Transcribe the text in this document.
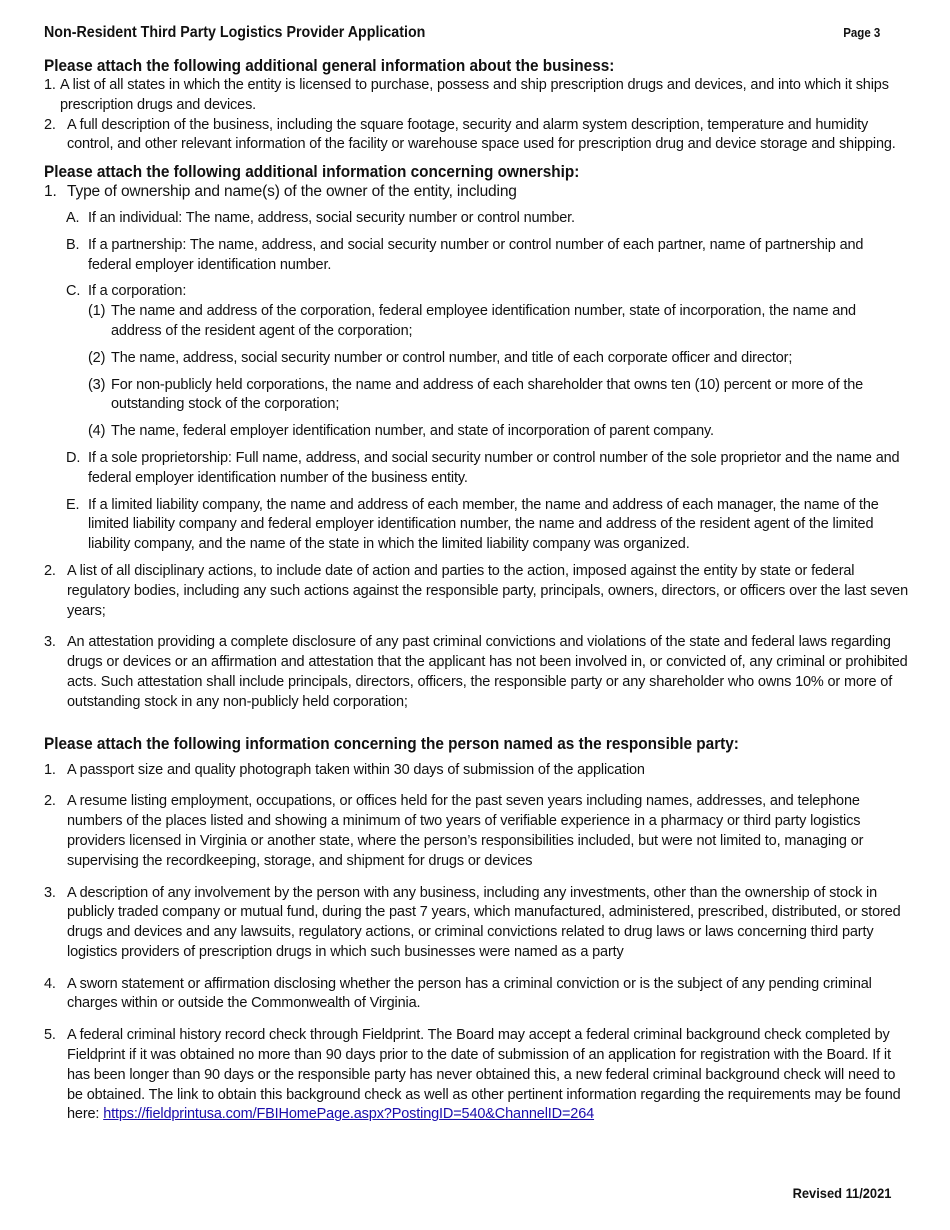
Non-Resident Third Party Logistics Provider Application	Page 3
Please attach the following additional general information about the business:
1. A list of all states in which the entity is licensed to purchase, possess and ship prescription drugs and devices, and into which it ships prescription drugs and devices.
2. A full description of the business, including the square footage, security and alarm system description, temperature and humidity control, and other relevant information of the facility or warehouse space used for prescription drug and device storage and shipping.
Please attach the following additional information concerning ownership:
1. Type of ownership and name(s) of the owner of the entity, including
A. If an individual: The name, address, social security number or control number.
B. If a partnership: The name, address, and social security number or control number of each partner, name of partnership and federal employer identification number.
C. If a corporation:
(1) The name and address of the corporation, federal employee identification number, state of incorporation, the name and address of the resident agent of the corporation;
(2) The name, address, social security number or control number, and title of each corporate officer and director;
(3) For non-publicly held corporations, the name and address of each shareholder that owns ten (10) percent or more of the outstanding stock of the corporation;
(4) The name, federal employer identification number, and state of incorporation of parent company.
D. If a sole proprietorship: Full name, address, and social security number or control number of the sole proprietor and the name and federal employer identification number of the business entity.
E. If a limited liability company, the name and address of each member, the name and address of each manager, the name of the limited liability company and federal employer identification number, the name and address of the resident agent of the limited liability company, and the name of the state in which the limited liability company was organized.
2. A list of all disciplinary actions, to include date of action and parties to the action, imposed against the entity by state or federal regulatory bodies, including any such actions against the responsible party, principals, owners, directors, or officers over the last seven years;
3. An attestation providing a complete disclosure of any past criminal convictions and violations of the state and federal laws regarding drugs or devices or an affirmation and attestation that the applicant has not been involved in, or convicted of, any criminal or prohibited acts. Such attestation shall include principals, directors, officers, the responsible party or any shareholder who owns 10% or more of outstanding stock in any non-publicly held corporation;
Please attach the following information concerning the person named as the responsible party:
1. A passport size and quality photograph taken within 30 days of submission of the application
2. A resume listing employment, occupations, or offices held for the past seven years including names, addresses, and telephone numbers of the places listed and showing a minimum of two years of verifiable experience in a pharmacy or third party logistics providers licensed in Virginia or another state, where the person’s responsibilities included, but were not limited to, managing or supervising the recordkeeping, storage, and shipment for drugs or devices
3. A description of any involvement by the person with any business, including any investments, other than the ownership of stock in publicly traded company or mutual fund, during the past 7 years, which manufactured, administered, prescribed, distributed, or stored drugs and devices and any lawsuits, regulatory actions, or criminal convictions related to drug laws or laws concerning third party logistics providers of prescription drugs in which such businesses were named as a party
4. A sworn statement or affirmation disclosing whether the person has a criminal conviction or is the subject of any pending criminal charges within or outside the Commonwealth of Virginia.
5. A federal criminal history record check through Fieldprint. The Board may accept a federal criminal background check completed by Fieldprint if it was obtained no more than 90 days prior to the date of submission of an application for registration with the Board. If it has been longer than 90 days or the responsible party has never obtained this, a new federal criminal background check will need to be obtained. The link to obtain this background check as well as other pertinent information regarding the requirements may be found here: https://fieldprintusa.com/FBIHomePage.aspx?PostingID=540&ChannelID=264
Revised 11/2021
